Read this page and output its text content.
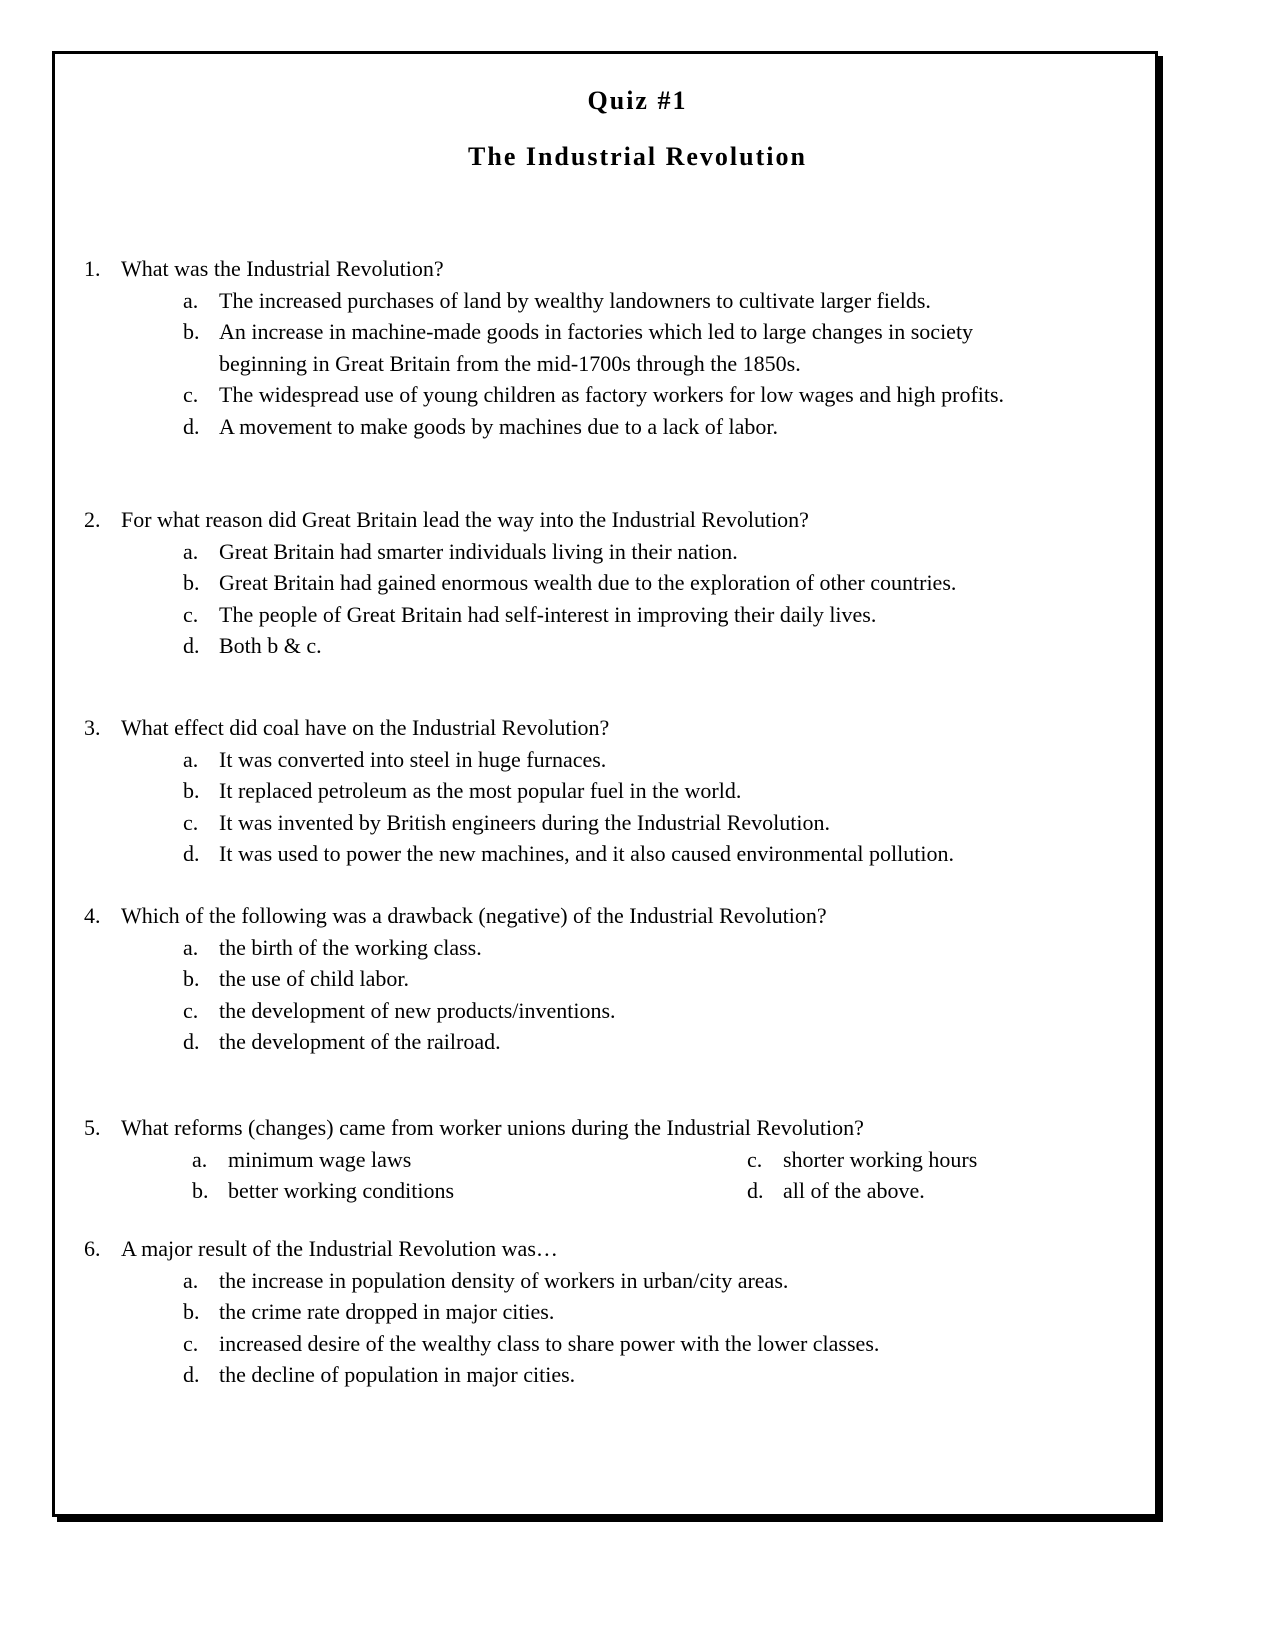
Quiz #1
The Industrial Revolution
1. What was the Industrial Revolution?
a. The increased purchases of land by wealthy landowners to cultivate larger fields.
b. An increase in machine-made goods in factories which led to large changes in society beginning in Great Britain from the mid-1700s through the 1850s.
c. The widespread use of young children as factory workers for low wages and high profits.
d. A movement to make goods by machines due to a lack of labor.
2. For what reason did Great Britain lead the way into the Industrial Revolution?
a. Great Britain had smarter individuals living in their nation.
b. Great Britain had gained enormous wealth due to the exploration of other countries.
c. The people of Great Britain had self-interest in improving their daily lives.
d. Both b & c.
3. What effect did coal have on the Industrial Revolution?
a. It was converted into steel in huge furnaces.
b. It replaced petroleum as the most popular fuel in the world.
c. It was invented by British engineers during the Industrial Revolution.
d. It was used to power the new machines, and it also caused environmental pollution.
4. Which of the following was a drawback (negative) of the Industrial Revolution?
a. the birth of the working class.
b. the use of child labor.
c. the development of new products/inventions.
d. the development of the railroad.
5. What reforms (changes) came from worker unions during the Industrial Revolution?
a. minimum wage laws
b. better working conditions
c. shorter working hours
d. all of the above.
6. A major result of the Industrial Revolution was…
a. the increase in population density of workers in urban/city areas.
b. the crime rate dropped in major cities.
c. increased desire of the wealthy class to share power with the lower classes.
d. the decline of population in major cities.
